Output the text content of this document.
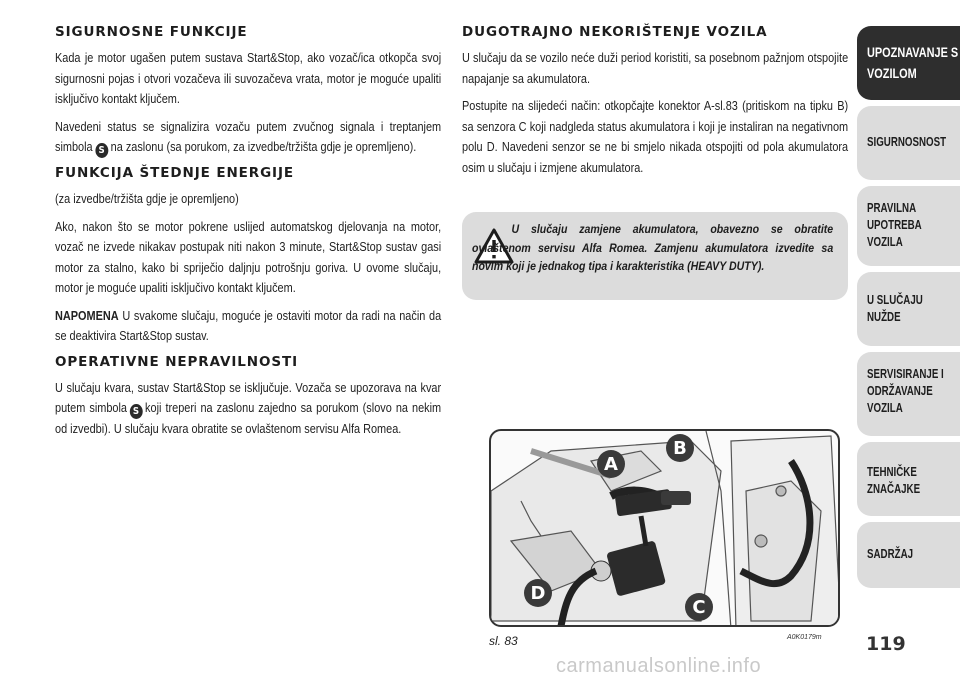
SIGURNOSNE FUNKCIJE

Kada je motor ugašen putem sustava Start&Stop, ako vozač/ica otkopča svoj sigurnosni pojas i otvori vozačeva ili suvozačeva vrata, motor je moguće upaliti isključivo kontakt ključem.

Navedeni status se signalizira vozaču putem zvučnog signala i treptanjem simbola S na zaslonu (sa porukom, za izvedbe/tržišta gdje je opremljeno).

FUNKCIJA ŠTEDNJE ENERGIJE

(za izvedbe/tržišta gdje je opremljeno)

Ako, nakon što se motor pokrene uslijed automatskog djelovanja na motor, vozač ne izvede nikakav postupak niti nakon 3 minute, Start&Stop sustav gasi motor za stalno, kako bi spriječio daljnju potrošnju goriva. U ovome slučaju, motor je moguće upaliti isključivo kontakt ključem.

NAPOMENA U svakome slučaju, moguće je ostaviti motor da radi na način da se deaktivira Start&Stop sustav.

OPERATIVNE NEPRAVILNOSTI

U slučaju kvara, sustav Start&Stop se isključuje. Vozača se upozorava na kvar putem simbola S koji treperi na zaslonu zajedno sa porukom (slovo na nekim od izvedbi). U slučaju kvara obratite se ovlaštenom servisu Alfa Romea.

DUGOTRAJNO NEKORIŠTENJE VOZILA

U slučaju da se vozilo neće duži period koristiti, sa posebnom pažnjom otspojite napajanje sa akumulatora.

Postupite na slijedeći način: otkopčajte konektor A-sl.83 (pritiskom na tipku B) sa senzora C koji nadgleda status akumulatora i koji je instaliran na negativnom polu D. Navedeni senzor se ne bi smjelo nikada otspojiti od pola akumulatora osim u slučaju i izmjene akumulatora.

U slučaju zamjene akumulatora, obavezno se obratite ovlaštenom servisu Alfa Romea. Zamjenu akumulatora izvedite sa novim koji je jednakog tipa i karakteristika (HEAVY DUTY).
A
B
C
D
sl. 83	A0K0179m 119
UPOZNAVANJE S VOZILOM
SIGURNOSNOST
PRAVILNA UPOTREBA VOZILA
U SLUČAJU NUŽDE
SERVISIRANJE I ODRŽAVANJE VOZILA
TEHNIČKE ZNAČAJKE
SADRŽAJ
carmanualsonline.info
